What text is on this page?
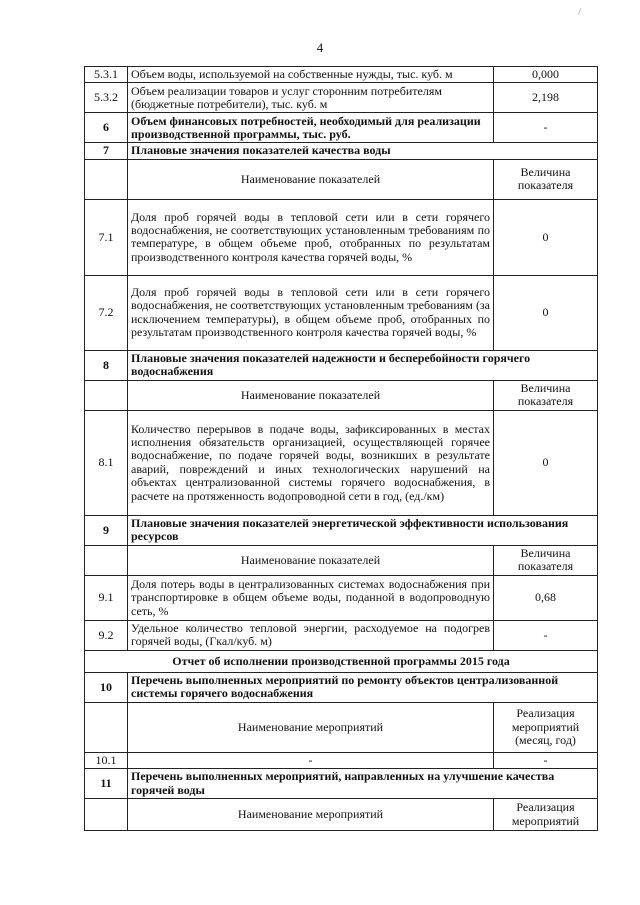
/
4
5.3.1	Объем воды, используемой на собственные нужды, тыс. куб. м	0,000
5.3.2	Объем реализации товаров и услуг сторонним потребителям (бюджетные потребители), тыс. куб. м	2,198
6	Объем финансовых потребностей, необходимый для реализации производственной программы, тыс. руб.	-
7	Плановые значения показателей качества воды	
	Наименование показателей	Величина показателя
7.1	Доля проб горячей воды в тепловой сети или в сети горячего водоснабжения, не соответствующих установленным требованиям по температуре, в общем объеме проб, отобранных по результатам производственного контроля качества горячей воды, %	0
7.2	Доля проб горячей воды в тепловой сети или в сети горячего водоснабжения, не соответствующих установленным требованиям (за исключением температуры), в общем объеме проб, отобранных по результатам производственного контроля качества горячей воды, %	0
8	Плановые значения показателей надежности и бесперебойности горячего водоснабжения	
	Наименование показателей	Величина показателя
8.1	Количество перерывов в подаче воды, зафиксированных в местах исполнения обязательств организацией, осуществляющей горячее водоснабжение, по подаче горячей воды, возникших в результате аварий, повреждений и иных технологических нарушений на объектах централизованной системы горячего водоснабжения, в расчете на протяженность водопроводной сети в год, (ед./км)	0
9	Плановые значения показателей энергетической эффективности использования ресурсов	
	Наименование показателей	Величина показателя
9.1	Доля потерь воды в централизованных системах водоснабжения при транспортировке в общем объеме воды, поданной в водопроводную сеть, %	0,68
9.2	Удельное количество тепловой энергии, расходуемое на подогрев горячей воды, (Гкал/куб. м)	-
Отчет об исполнении производственной программы 2015 года		
10	Перечень выполненных мероприятий по ремонту объектов централизованной системы горячего водоснабжения	
	Наименование мероприятий	Реализация мероприятий (месяц, год)
10.1	-	-
11	Перечень выполненных мероприятий, направленных на улучшение качества горячей воды	
	Наименование мероприятий	Реализация мероприятий
